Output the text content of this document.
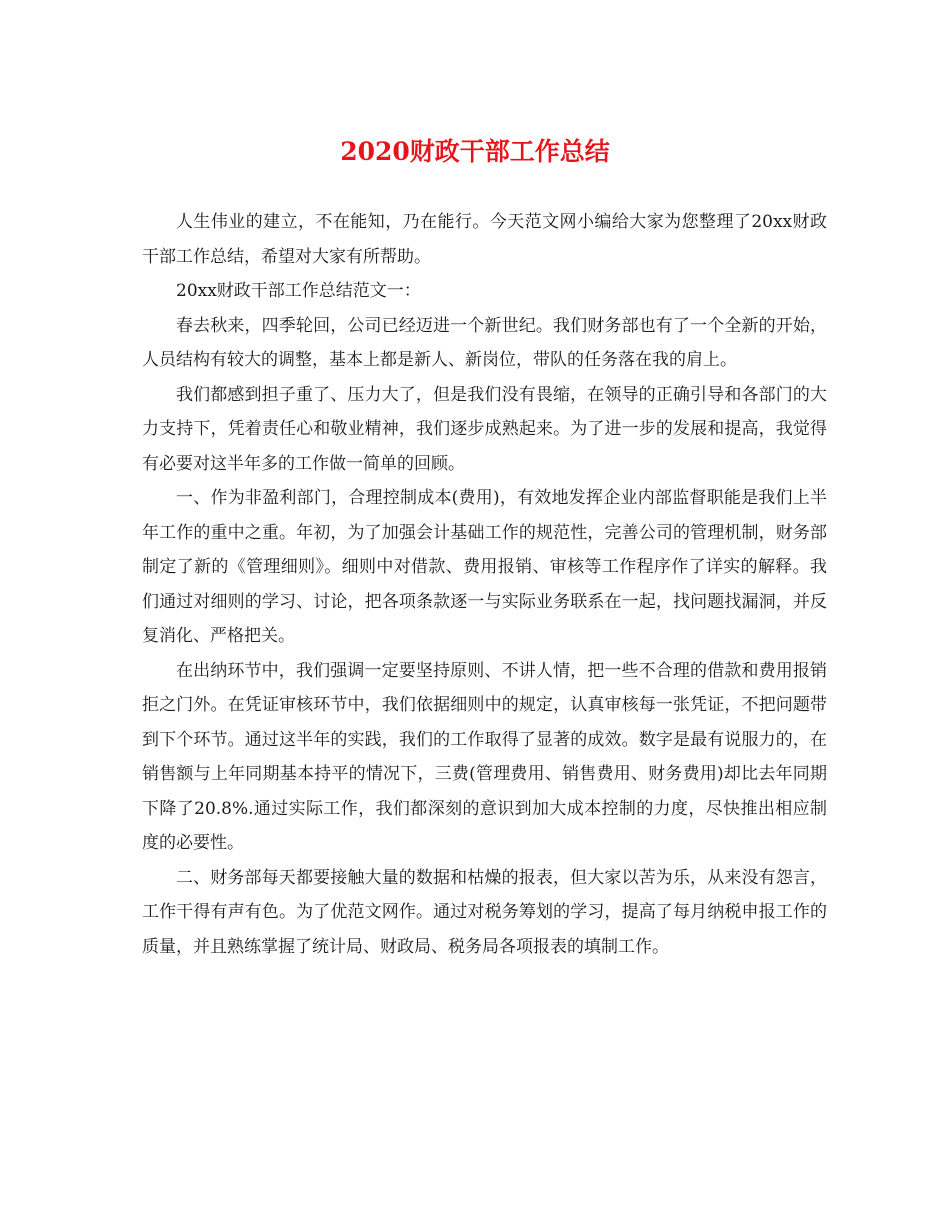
2020财政干部工作总结

人生伟业的建立，不在能知，乃在能行。今天范文网小编给大家为您整理了20xx财政干部工作总结，希望对大家有所帮助。

20xx财政干部工作总结范文一：

春去秋来，四季轮回，公司已经迈进一个新世纪。我们财务部也有了一个全新的开始，人员结构有较大的调整，基本上都是新人、新岗位，带队的任务落在我的肩上。

我们都感到担子重了、压力大了，但是我们没有畏缩，在领导的正确引导和各部门的大力支持下，凭着责任心和敬业精神，我们逐步成熟起来。为了进一步的发展和提高，我觉得有必要对这半年多的工作做一简单的回顾。

一、作为非盈利部门，合理控制成本(费用)，有效地发挥企业内部监督职能是我们上半年工作的重中之重。年初，为了加强会计基础工作的规范性，完善公司的管理机制，财务部制定了新的《管理细则》。细则中对借款、费用报销、审核等工作程序作了详实的解释。我们通过对细则的学习、讨论，把各项条款逐一与实际业务联系在一起，找问题找漏洞，并反复消化、严格把关。

在出纳环节中，我们强调一定要坚持原则、不讲人情，把一些不合理的借款和费用报销拒之门外。在凭证审核环节中，我们依据细则中的规定，认真审核每一张凭证，不把问题带到下个环节。通过这半年的实践，我们的工作取得了显著的成效。数字是最有说服力的，在销售额与上年同期基本持平的情况下，三费(管理费用、销售费用、财务费用)却比去年同期下降了20.8%.通过实际工作，我们都深刻的意识到加大成本控制的力度，尽快推出相应制度的必要性。

二、财务部每天都要接触大量的数据和枯燥的报表，但大家以苦为乐，从来没有怨言，工作干得有声有色。为了优范文网作。通过对税务筹划的学习，提高了每月纳税申报工作的质量，并且熟练掌握了统计局、财政局、税务局各项报表的填制工作。
